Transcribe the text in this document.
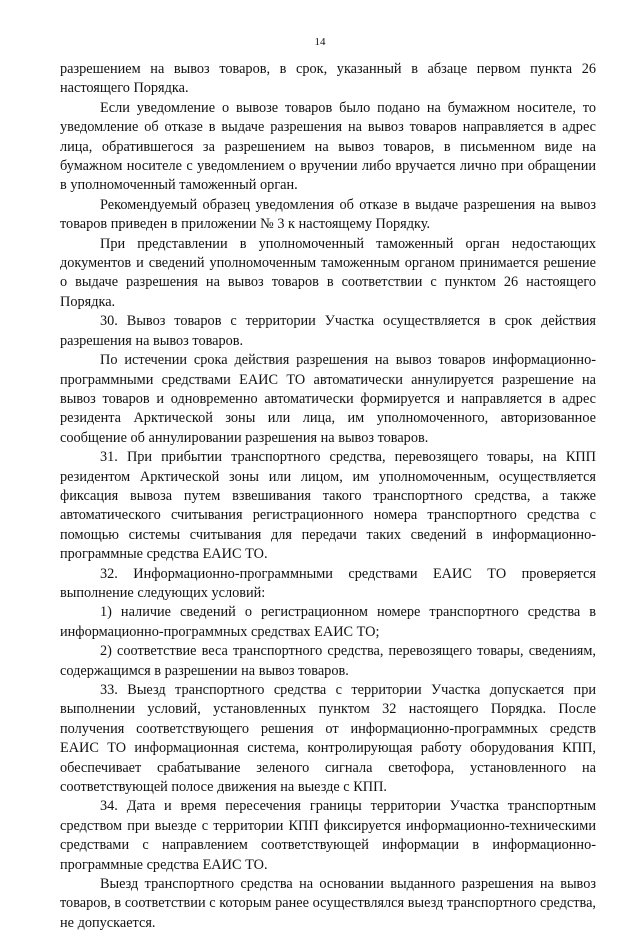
14

разрешением на вывоз товаров, в срок, указанный в абзаце первом пункта 26 настоящего Порядка.

Если уведомление о вывозе товаров было подано на бумажном носителе, то уведомление об отказе в выдаче разрешения на вывоз товаров направляется в адрес лица, обратившегося за разрешением на вывоз товаров, в письменном виде на бумажном носителе с уведомлением о вручении либо вручается лично при обращении в уполномоченный таможенный орган.

Рекомендуемый образец уведомления об отказе в выдаче разрешения на вывоз товаров приведен в приложении № 3 к настоящему Порядку.

При представлении в уполномоченный таможенный орган недостающих документов и сведений уполномоченным таможенным органом принимается решение о выдаче разрешения на вывоз товаров в соответствии с пунктом 26 настоящего Порядка.

30. Вывоз товаров с территории Участка осуществляется в срок действия разрешения на вывоз товаров.

По истечении срока действия разрешения на вывоз товаров информационно-программными средствами ЕАИС ТО автоматически аннулируется разрешение на вывоз товаров и одновременно автоматически формируется и направляется в адрес резидента Арктической зоны или лица, им уполномоченного, авторизованное сообщение об аннулировании разрешения на вывоз товаров.

31. При прибытии транспортного средства, перевозящего товары, на КПП резидентом Арктической зоны или лицом, им уполномоченным, осуществляется фиксация вывоза путем взвешивания такого транспортного средства, а также автоматического считывания регистрационного номера транспортного средства с помощью системы считывания для передачи таких сведений в информационно-программные средства ЕАИС ТО.

32. Информационно-программными средствами ЕАИС ТО проверяется выполнение следующих условий:

1) наличие сведений о регистрационном номере транспортного средства в информационно-программных средствах ЕАИС ТО;

2) соответствие веса транспортного средства, перевозящего товары, сведениям, содержащимся в разрешении на вывоз товаров.

33. Выезд транспортного средства с территории Участка допускается при выполнении условий, установленных пунктом 32 настоящего Порядка. После получения соответствующего решения от информационно-программных средств ЕАИС ТО информационная система, контролирующая работу оборудования КПП, обеспечивает срабатывание зеленого сигнала светофора, установленного на соответствующей полосе движения на выезде с КПП.

34. Дата и время пересечения границы территории Участка транспортным средством при выезде с территории КПП фиксируется информационно-техническими средствами с направлением соответствующей информации в информационно-программные средства ЕАИС ТО.

Выезд транспортного средства на основании выданного разрешения на вывоз товаров, в соответствии с которым ранее осуществлялся выезд транспортного средства, не допускается.
